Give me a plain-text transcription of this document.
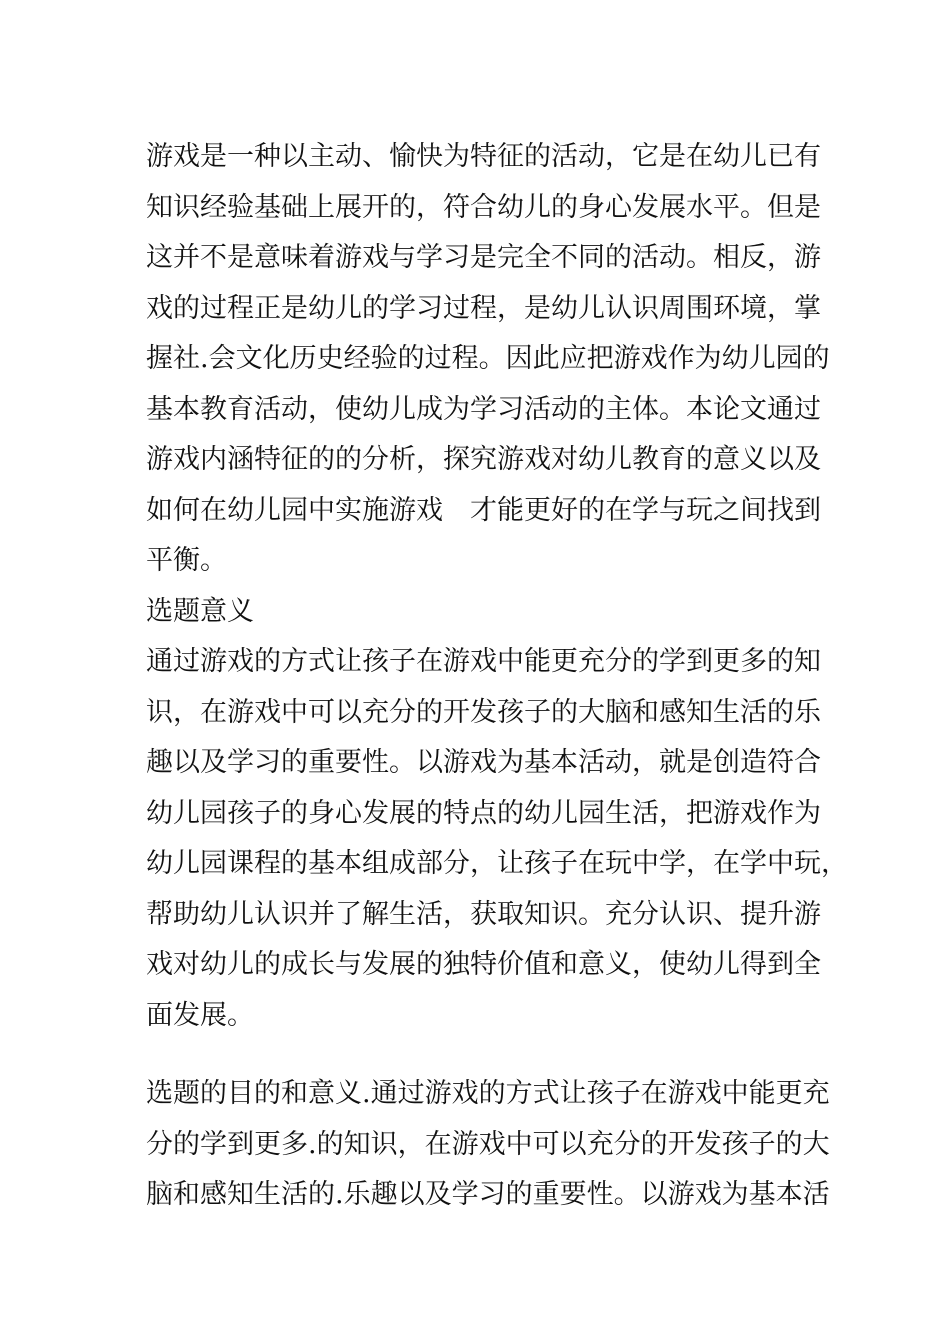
游戏是一种以主动、愉快为特征的活动，它是在幼儿已有
知识经验基础上展开的，符合幼儿的身心发展水平。但是
这并不是意味着游戏与学习是完全不同的活动。相反，游
戏的过程正是幼儿的学习过程，是幼儿认识周围环境，掌
握社.会文化历史经验的过程。因此应把游戏作为幼儿园的
基本教育活动，使幼儿成为学习活动的主体。本论文通过
游戏内涵特征的的分析，探究游戏对幼儿教育的意义以及
如何在幼儿园中实施游戏　才能更好的在学与玩之间找到
平衡。
选题意义
通过游戏的方式让孩子在游戏中能更充分的学到更多的知
识，在游戏中可以充分的开发孩子的大脑和感知生活的乐
趣以及学习的重要性。以游戏为基本活动，就是创造符合
幼儿园孩子的身心发展的特点的幼儿园生活，把游戏作为
幼儿园课程的基本组成部分，让孩子在玩中学，在学中玩，
帮助幼儿认识并了解生活，获取知识。充分认识、提升游
戏对幼儿的成长与发展的独特价值和意义，使幼儿得到全
面发展。
选题的目的和意义.通过游戏的方式让孩子在游戏中能更充
分的学到更多.的知识，在游戏中可以充分的开发孩子的大
脑和感知生活的.乐趣以及学习的重要性。以游戏为基本活
